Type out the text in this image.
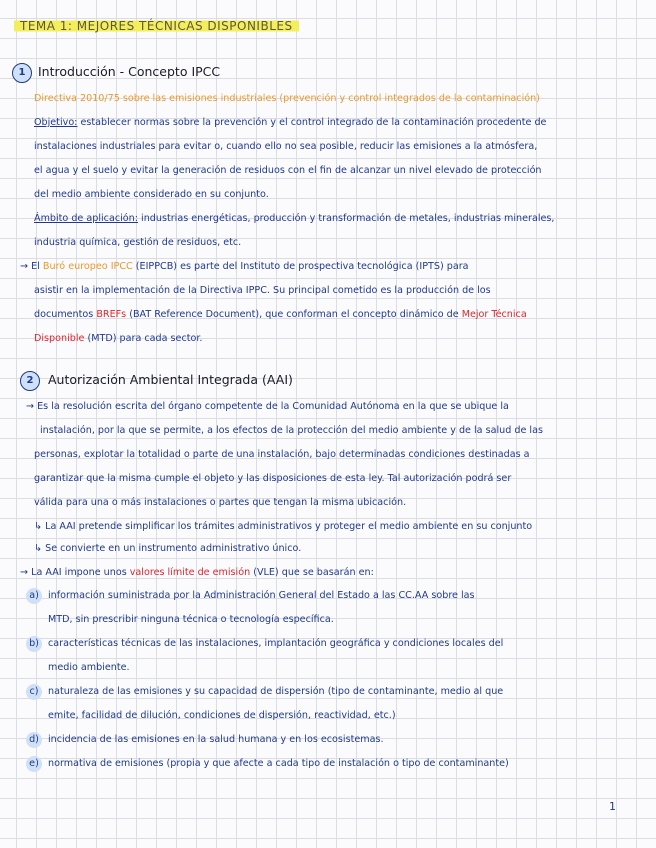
TEMA 1: MEJORES TÉCNICAS DISPONIBLES
1	Introducción - Concepto IPCC
Directiva 2010/75 sobre las emisiones industriales (prevención y control integrados de la contaminación)
Objetivo: establecer normas sobre la prevención y el control integrado de la contaminación procedente de
instalaciones industriales para evitar o, cuando ello no sea posible, reducir las emisiones a la atmósfera,
el agua y el suelo y evitar la generación de residuos con el fin de alcanzar un nivel elevado de protección
del medio ambiente considerado en su conjunto.
Ámbito de aplicación: industrias energéticas, producción y transformación de metales, industrias minerales,
industria química, gestión de residuos, etc.
→ El Buró europeo IPCC (EIPPCB) es parte del Instituto de prospectiva tecnológica (IPTS) para
asistir en la implementación de la Directiva IPPC. Su principal cometido es la producción de los
documentos BREFs (BAT Reference Document), que conforman el concepto dinámico de Mejor Técnica
Disponible (MTD) para cada sector.
2	Autorización Ambiental Integrada (AAI)
→ Es la resolución escrita del órgano competente de la Comunidad Autónoma en la que se ubique la
instalación, por la que se permite, a los efectos de la protección del medio ambiente y de la salud de las
personas, explotar la totalidad o parte de una instalación, bajo determinadas condiciones destinadas a
garantizar que la misma cumple el objeto y las disposiciones de esta ley. Tal autorización podrá ser
válida para una o más instalaciones o partes que tengan la misma ubicación.
↳ La AAI pretende simplificar los trámites administrativos y proteger el medio ambiente en su conjunto
↳ Se convierte en un instrumento administrativo único.
→ La AAI impone unos valores límite de emisión (VLE) que se basarán en:
a) información suministrada por la Administración General del Estado a las CC.AA sobre las
MTD, sin prescribir ninguna técnica o tecnología específica.
b) características técnicas de las instalaciones, implantación geográfica y condiciones locales del
medio ambiente.
c) naturaleza de las emisiones y su capacidad de dispersión (tipo de contaminante, medio al que
emite, facilidad de dilución, condiciones de dispersión, reactividad, etc.)
d) incidencia de las emisiones en la salud humana y en los ecosistemas.
e) normativa de emisiones (propia y que afecte a cada tipo de instalación o tipo de contaminante)
1
